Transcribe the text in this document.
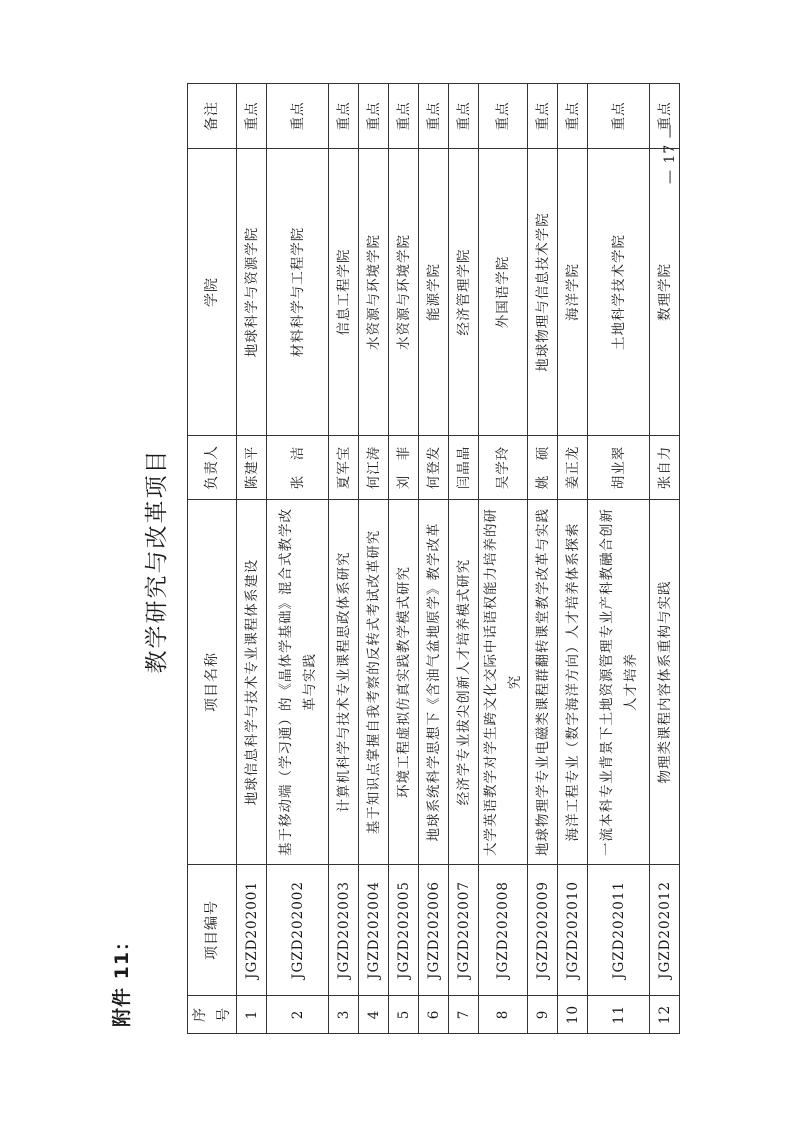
附件 11：
教学研究与改革项目
序号	项目编号	项目名称	负责人	学院	备注
1	JGZD202001	地球信息科学与技术专业课程体系建设	陈建平	地球科学与资源学院	重点
2	JGZD202002	基于移动端（学习通）的《晶体学基础》混合式教学改革与实践	张　洁	材料科学与工程学院	重点
3	JGZD202003	计算机科学与技术专业课程思政体系研究	夏军宝	信息工程学院	重点
4	JGZD202004	基于知识点掌握自我考察的反转式考试改革研究	何江涛	水资源与环境学院	重点
5	JGZD202005	环境工程虚拟仿真实践教学模式研究	刘　菲	水资源与环境学院	重点
6	JGZD202006	地球系统科学思想下《含油气盆地原学》教学改革	何登发	能源学院	重点
7	JGZD202007	经济学专业拔尖创新人才培养模式研究	闫晶晶	经济管理学院	重点
8	JGZD202008	大学英语教学对学生跨文化交际中话语权能力培养的研究	吴学玲	外国语学院	重点
9	JGZD202009	地球物理学专业电磁类课程群翻转课堂教学改革与实践	姚　硕	地球物理与信息技术学院	重点
10	JGZD202010	海洋工程专业（数字海洋方向）人才培养体系探索	姜正龙	海洋学院	重点
11	JGZD202011	一流本科专业背景下土地资源管理专业产科教融合创新人才培养	胡业翠	土地科学技术学院	重点
12	JGZD202012	物理类课程内容体系重构与实践	张自力	数理学院	重点
— 17 —
